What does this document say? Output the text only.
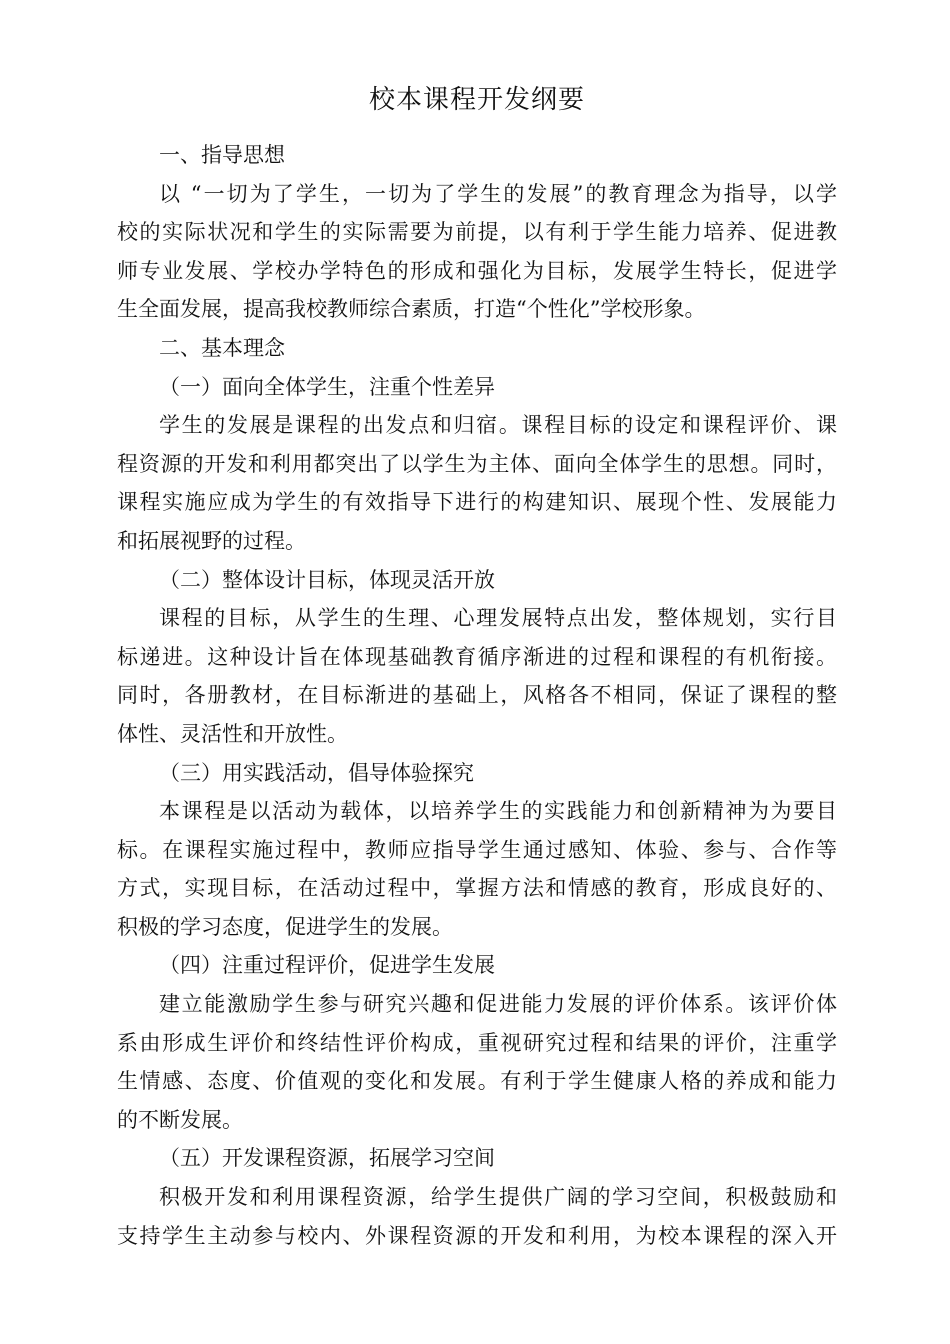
校本课程开发纲要

一、指导思想

以 “一切为了学生，一切为了学生的发展”的教育理念为指导，以学

校的实际状况和学生的实际需要为前提，以有利于学生能力培养、促进教

师专业发展、学校办学特色的形成和强化为目标，发展学生特长，促进学

生全面发展，提高我校教师综合素质，打造“个性化”学校形象。

二、基本理念

（一）面向全体学生，注重个性差异

学生的发展是课程的出发点和归宿。课程目标的设定和课程评价、课

程资源的开发和利用都突出了以学生为主体、面向全体学生的思想。同时，

课程实施应成为学生的有效指导下进行的构建知识、展现个性、发展能力

和拓展视野的过程。

（二）整体设计目标，体现灵活开放

课程的目标，从学生的生理、心理发展特点出发，整体规划，实行目

标递进。这种设计旨在体现基础教育循序渐进的过程和课程的有机衔接。

同时，各册教材，在目标渐进的基础上，风格各不相同，保证了课程的整

体性、灵活性和开放性。

（三）用实践活动，倡导体验探究

本课程是以活动为载体，以培养学生的实践能力和创新精神为为要目

标。在课程实施过程中，教师应指导学生通过感知、体验、参与、合作等

方式，实现目标，在活动过程中，掌握方法和情感的教育，形成良好的、

积极的学习态度，促进学生的发展。

（四）注重过程评价，促进学生发展

建立能激励学生参与研究兴趣和促进能力发展的评价体系。该评价体

系由形成生评价和终结性评价构成，重视研究过程和结果的评价，注重学

生情感、态度、价值观的变化和发展。有利于学生健康人格的养成和能力

的不断发展。

（五）开发课程资源，拓展学习空间

积极开发和利用课程资源，给学生提供广阔的学习空间，积极鼓励和

支持学生主动参与校内、外课程资源的开发和利用，为校本课程的深入开
